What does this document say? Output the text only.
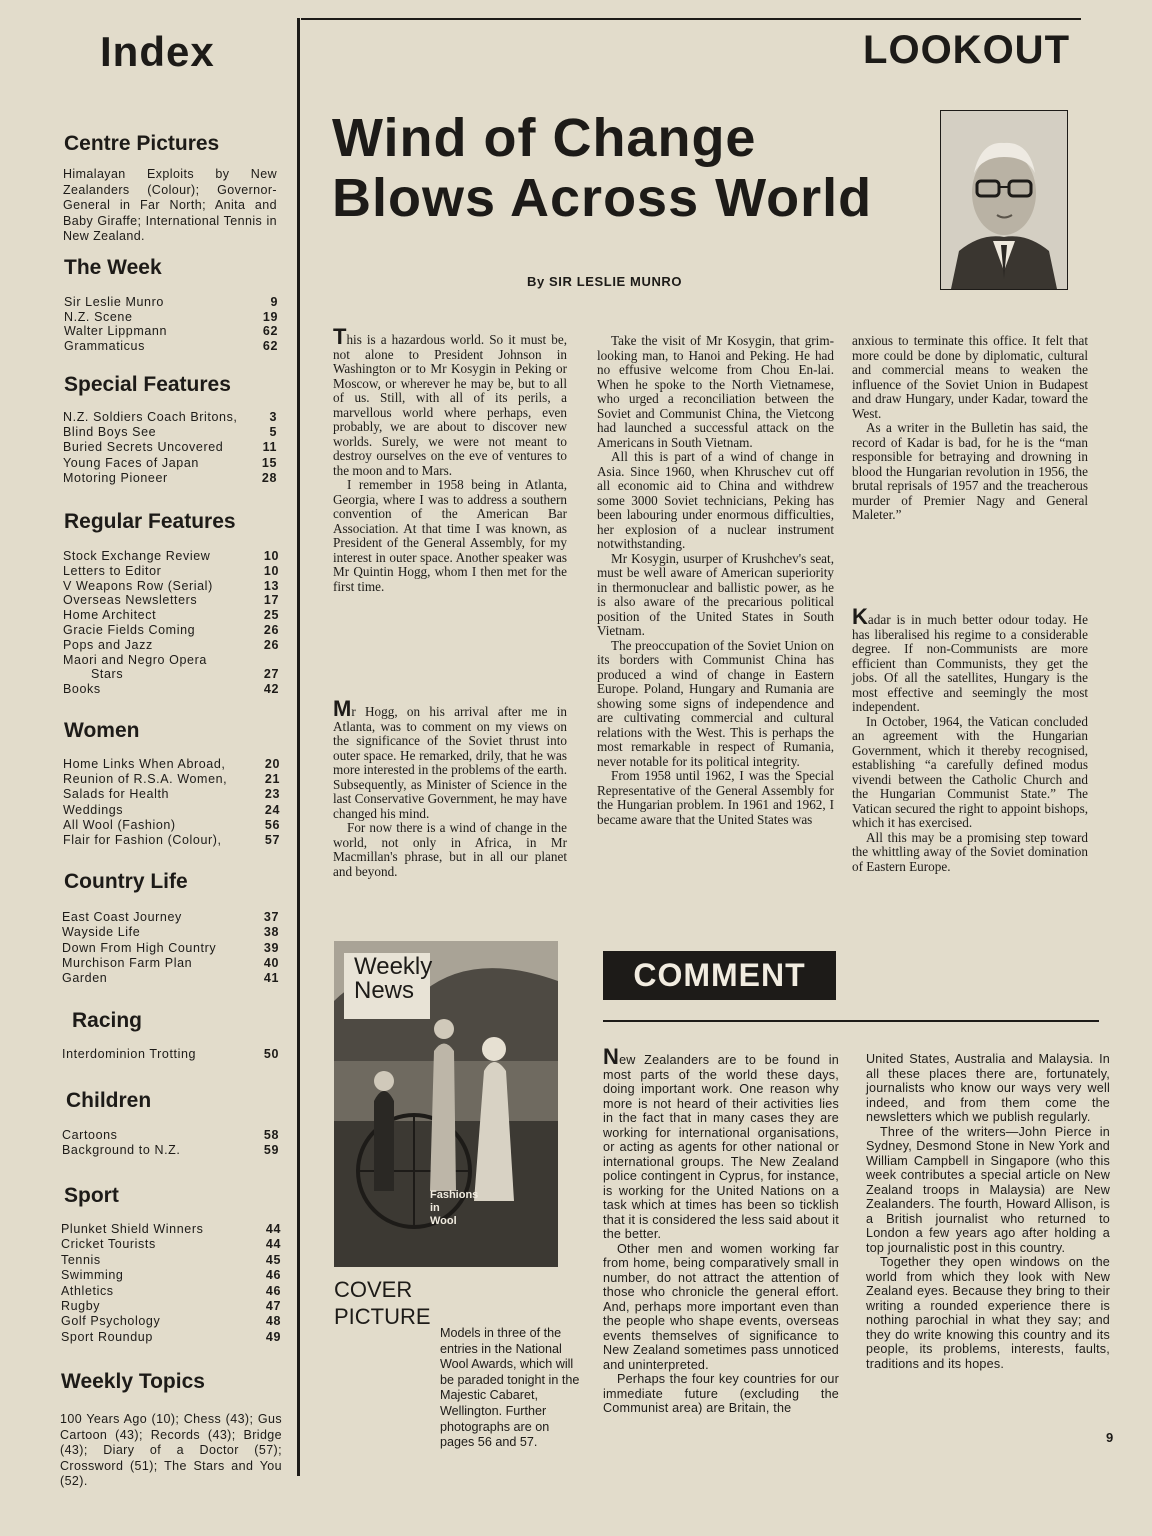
Index
Centre Pictures
Himalayan Exploits by New Zealanders (Colour); Governor-General in Far North; Anita and Baby Giraffe; International Tennis in New Zealand.
The Week
Sir Leslie Munro	9
N.Z. Scene	19
Walter Lippmann	62
Grammaticus	62
Special Features
N.Z. Soldiers Coach Britons,	3
Blind Boys See	5
Buried Secrets Uncovered	11
Young Faces of Japan	15
Motoring Pioneer	28
Regular Features
Stock Exchange Review	10
Letters to Editor	10
V Weapons Row (Serial)	13
Overseas Newsletters	17
Home Architect	25
Gracie Fields Coming	26
Pops and Jazz	26
Maori and Negro Opera
Stars	27
Books	42
Women
Home Links When Abroad,	20
Reunion of R.S.A. Women,	21
Salads for Health	23
Weddings	24
All Wool (Fashion)	56
Flair for Fashion (Colour),	57
Country Life
East Coast Journey	37
Wayside Life	38
Down From High Country	39
Murchison Farm Plan	40
Garden	41
Racing
Interdominion Trotting	50
Children
Cartoons	58
Background to N.Z.	59
Sport
Plunket Shield Winners	44
Cricket Tourists	44
Tennis	45
Swimming	46
Athletics	46
Rugby	47
Golf Psychology	48
Sport Roundup	49
Weekly Topics
100 Years Ago (10); Chess (43); Gus Cartoon (43); Records (43); Bridge (43); Diary of a Doctor (57); Crossword (51); The Stars and You (52).
LOOKOUT
Wind of Change
Blows Across World
By SIR LESLIE MUNRO

This is a hazardous world. So it must be, not alone to President Johnson in Washington or to Mr Kosygin in Peking or Moscow, or wherever he may be, but to all of us. Still, with all of its perils, a marvellous world where perhaps, even probably, we are about to discover new worlds. Surely, we were not meant to destroy ourselves on the eve of ventures to the moon and to Mars.

I remember in 1958 being in Atlanta, Georgia, where I was to address a southern convention of the American Bar Association. At that time I was known, as President of the General Assembly, for my interest in outer space. Another speaker was Mr Quintin Hogg, whom I then met for the first time.

Mr Hogg, on his arrival after me in Atlanta, was to comment on my views on the significance of the Soviet thrust into outer space. He remarked, drily, that he was more interested in the problems of the earth. Subsequently, as Minister of Science in the last Conservative Government, he may have changed his mind.

For now there is a wind of change in the world, not only in Africa, in Mr Macmillan's phrase, but in all our planet and beyond.

Take the visit of Mr Kosygin, that grim-looking man, to Hanoi and Peking. He had no effusive welcome from Chou En-lai. When he spoke to the North Vietnamese, who urged a reconciliation between the Soviet and Communist China, the Vietcong had launched a successful attack on the Americans in South Vietnam.

All this is part of a wind of change in Asia. Since 1960, when Khruschev cut off all economic aid to China and withdrew some 3000 Soviet technicians, Peking has been labouring under enormous difficulties, her explosion of a nuclear instrument notwithstanding.

Mr Kosygin, usurper of Krushchev's seat, must be well aware of American superiority in thermonuclear and ballistic power, as he is also aware of the precarious political position of the United States in South Vietnam.

The preoccupation of the Soviet Union on its borders with Communist China has produced a wind of change in Eastern Europe. Poland, Hungary and Rumania are showing some signs of independence and are cultivating commercial and cultural relations with the West. This is perhaps the most remarkable in respect of Rumania, never notable for its political integrity.

From 1958 until 1962, I was the Special Representative of the General Assembly for the Hungarian problem. In 1961 and 1962, I became aware that the United States was

anxious to terminate this office. It felt that more could be done by diplomatic, cultural and commercial means to weaken the influence of the Soviet Union in Budapest and draw Hungary, under Kadar, toward the West.

As a writer in the Bulletin has said, the record of Kadar is bad, for he is the “man responsible for betraying and drowning in blood the Hungarian revolution in 1956, the brutal reprisals of 1957 and the treacherous murder of Premier Nagy and General Maleter.”

Kadar is in much better odour today. He has liberalised his regime to a considerable degree. If non-Communists are more efficient than Communists, they get the jobs. Of all the satellites, Hungary is the most effective and seemingly the most independent.

In October, 1964, the Vatican concluded an agreement with the Hungarian Government, which it thereby recognised, establishing “a carefully defined modus vivendi between the Catholic Church and the Hungarian Communist State.” The Vatican secured the right to appoint bishops, which it has exercised.

All this may be a promising step toward the whittling away of the Soviet domination of Eastern Europe.

Weekly
News
Fashions
in
Wool
COVER
PICTURE
Models in three of the entries in the National Wool Awards, which will be paraded tonight in the Majestic Cabaret, Wellington. Further photographs are on pages 56 and 57.
COMMENT

New Zealanders are to be found in most parts of the world these days, doing important work. One reason why more is not heard of their activities lies in the fact that in many cases they are working for international organisations, or acting as agents for other national or international groups. The New Zealand police contingent in Cyprus, for instance, is working for the United Nations on a task which at times has been so ticklish that it is considered the less said about it the better.

Other men and women working far from home, being comparatively small in number, do not attract the attention of those who chronicle the general effort. And, perhaps more important even than the people who shape events, overseas events themselves of significance to New Zealand sometimes pass unnoticed and uninterpreted.

Perhaps the four key countries for our immediate future (excluding the Communist area) are Britain, the

United States, Australia and Malaysia. In all these places there are, fortunately, journalists who know our ways very well indeed, and from them come the newsletters which we publish regularly.

Three of the writers—John Pierce in Sydney, Desmond Stone in New York and William Campbell in Singapore (who this week contributes a special article on New Zealand troops in Malaysia) are New Zealanders. The fourth, Howard Allison, is a British journalist who returned to London a few years ago after holding a top journalistic post in this country.

Together they open windows on the world from which they look with New Zealand eyes. Because they bring to their writing a rounded experience there is nothing parochial in what they say; and they do write knowing this country and its people, its problems, interests, faults, traditions and its hopes.

9
